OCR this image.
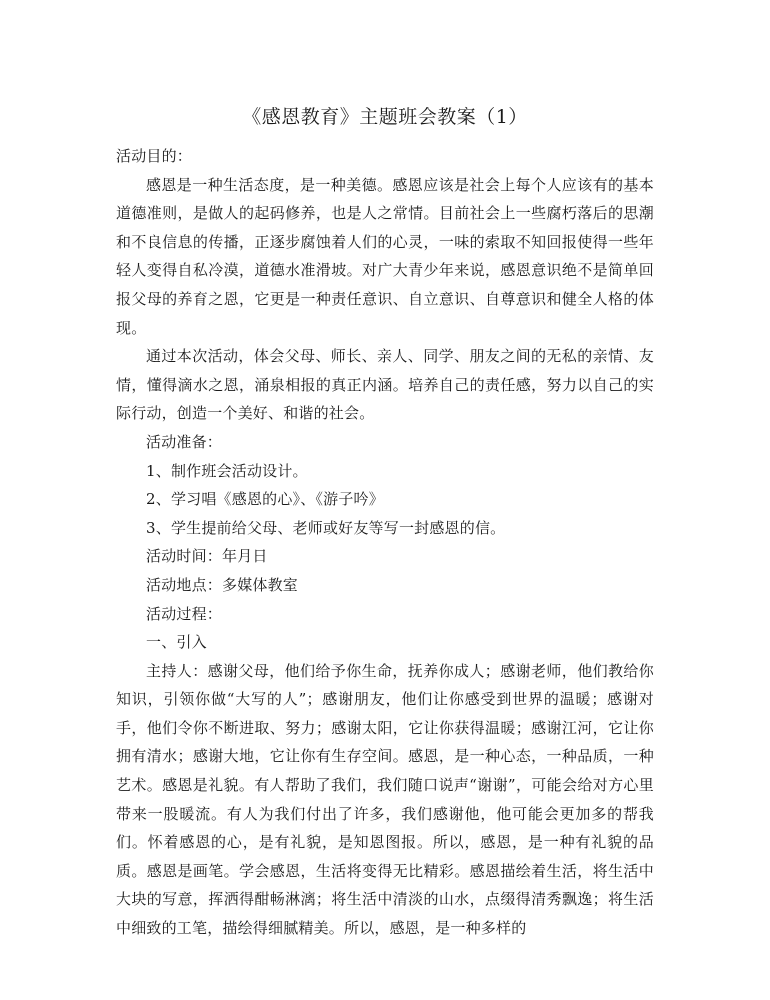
《感恩教育》主题班会教案（1）

活动目的：

感恩是一种生活态度，是一种美德。感恩应该是社会上每个人应该有的基本道德准则，是做人的起码修养，也是人之常情。目前社会上一些腐朽落后的思潮和不良信息的传播，正逐步腐蚀着人们的心灵，一味的索取不知回报使得一些年轻人变得自私冷漠，道德水准滑坡。对广大青少年来说，感恩意识绝不是简单回报父母的养育之恩，它更是一种责任意识、自立意识、自尊意识和健全人格的体现。

通过本次活动，体会父母、师长、亲人、同学、朋友之间的无私的亲情、友情，懂得滴水之恩，涌泉相报的真正内涵。培养自己的责任感，努力以自己的实际行动，创造一个美好、和谐的社会。

活动准备：

1、制作班会活动设计。

2、学习唱《感恩的心》、《游子吟》

3、学生提前给父母、老师或好友等写一封感恩的信。

活动时间：年月日

活动地点：多媒体教室

活动过程：

一、引入

主持人：感谢父母，他们给予你生命，抚养你成人；感谢老师，他们教给你知识，引领你做“大写的人”；感谢朋友，他们让你感受到世界的温暖；感谢对手，他们令你不断进取、努力；感谢太阳，它让你获得温暖；感谢江河，它让你拥有清水；感谢大地，它让你有生存空间。感恩，是一种心态，一种品质，一种艺术。感恩是礼貌。有人帮助了我们，我们随口说声“谢谢”，可能会给对方心里带来一股暖流。有人为我们付出了许多，我们感谢他，他可能会更加多的帮我们。怀着感恩的心，是有礼貌，是知恩图报。所以，感恩，是一种有礼貌的品质。感恩是画笔。学会感恩，生活将变得无比精彩。感恩描绘着生活，将生活中大块的写意，挥洒得酣畅淋漓；将生活中清淡的山水，点缀得清秀飘逸；将生活中细致的工笔，描绘得细腻精美。所以，感恩，是一种多样的
